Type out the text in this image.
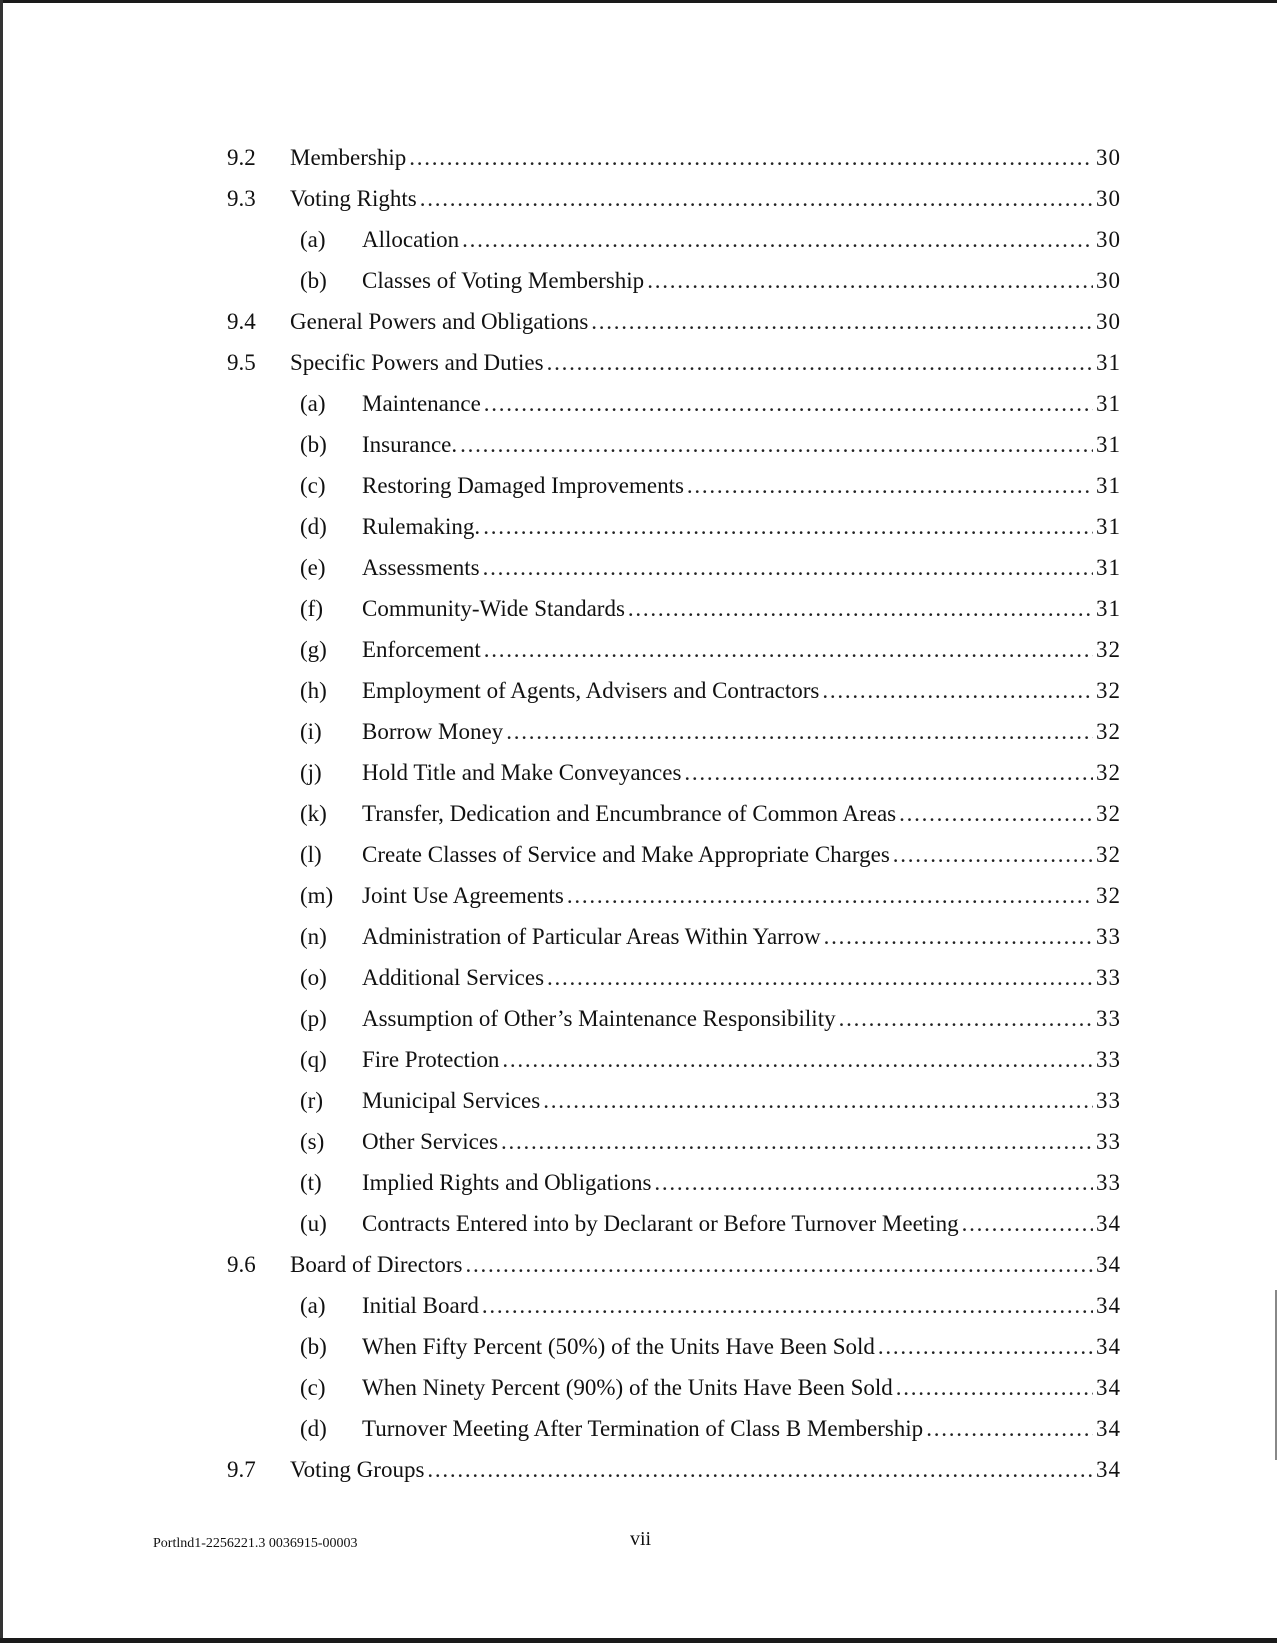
9.2 Membership . . .	30
9.3 Voting Rights . . .	30
(a) Allocation . . .	30
(b) Classes of Voting Membership . . .	30
9.4 General Powers and Obligations . . .	30
9.5 Specific Powers and Duties . . .	31
(a) Maintenance . . .	31
(b) Insurance. . . .	31
(c) Restoring Damaged Improvements . . .	31
(d) Rulemaking. . . .	31
(e) Assessments . . .	31
(f) Community-Wide Standards . . .	31
(g) Enforcement . . .	32
(h) Employment of Agents, Advisers and Contractors . . .	32
(i) Borrow Money . . .	32
(j) Hold Title and Make Conveyances . . .	32
(k) Transfer, Dedication and Encumbrance of Common Areas . . .	32
(l) Create Classes of Service and Make Appropriate Charges . . .	32
(m) Joint Use Agreements . . .	32
(n) Administration of Particular Areas Within Yarrow . . .	33
(o) Additional Services . . .	33
(p) Assumption of Other’s Maintenance Responsibility . . .	33
(q) Fire Protection . . .	33
(r) Municipal Services . . .	33
(s) Other Services . . .	33
(t) Implied Rights and Obligations . . .	33
(u) Contracts Entered into by Declarant or Before Turnover Meeting . . .	34
9.6 Board of Directors . . .	34
(a) Initial Board . . .	34
(b) When Fifty Percent (50%) of the Units Have Been Sold . . .	34
(c) When Ninety Percent (90%) of the Units Have Been Sold . . .	34
(d) Turnover Meeting After Termination of Class B Membership . . .	34
9.7 Voting Groups . . .	34
Portlnd1-2256221.3 0036915-00003	vii
